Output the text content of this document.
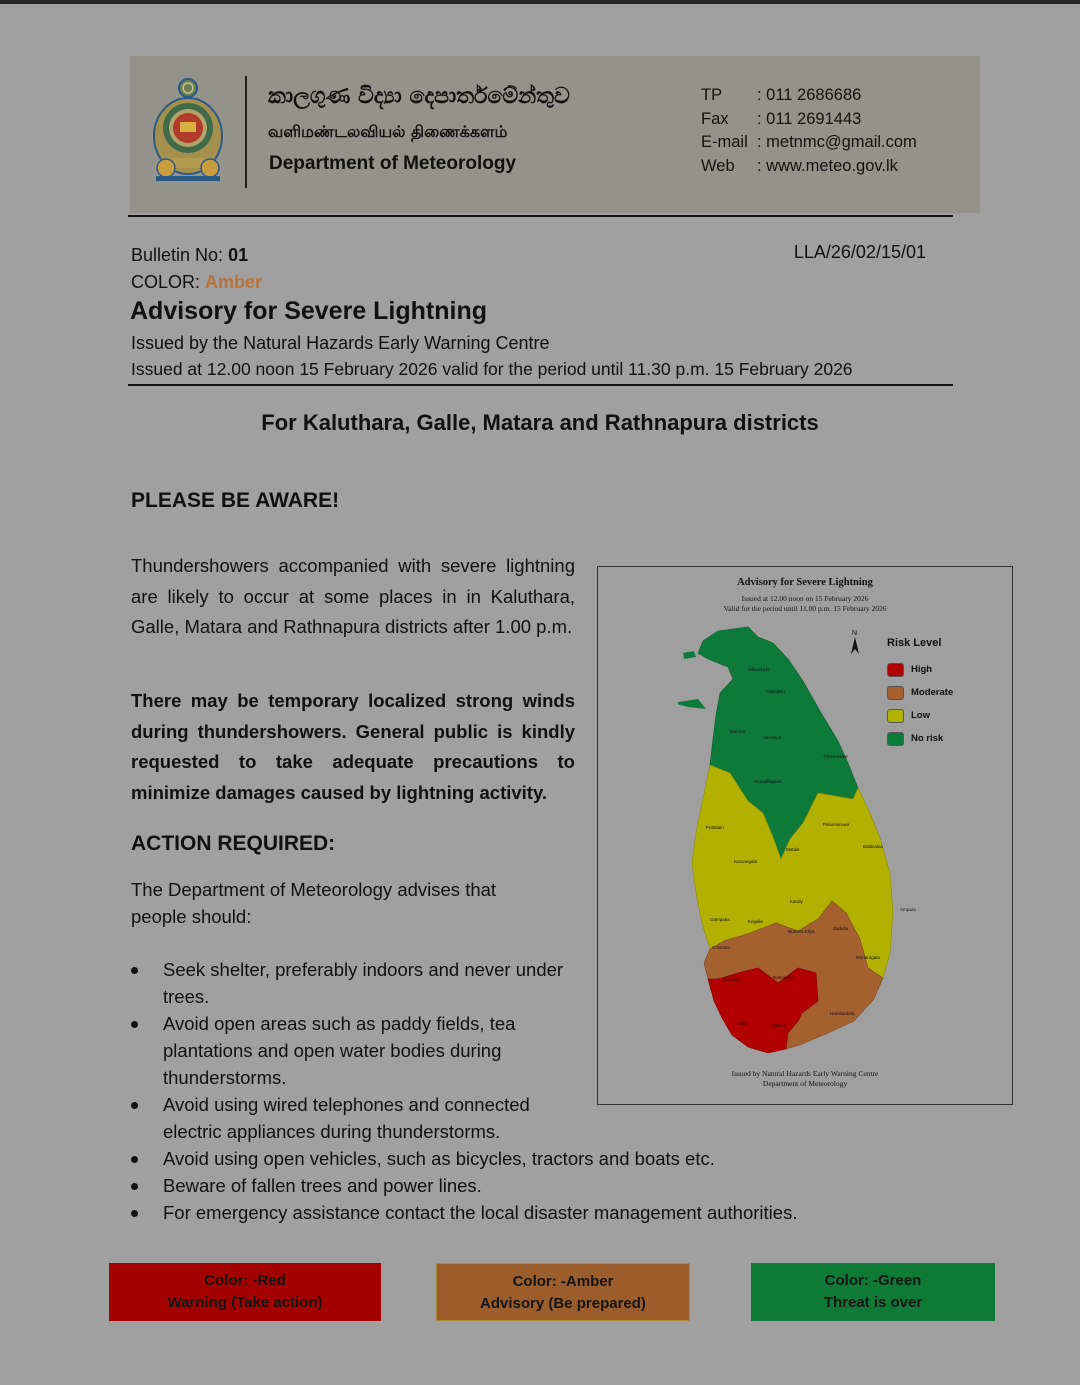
කාලගුණ විද්‍යා දෙපාර්තමේන්තුව
வளிமண்டலவியல் திணைக்களம்
Department of Meteorology
TP	: 011 2686686
Fax	: 011 2691443
E-mail : metnmc@gmail.com
Web	: www.meteo.gov.lk
Bulletin No: 01
COLOR: Amber
LLA/26/02/15/01
Advisory for Severe Lightning
Issued by the Natural Hazards Early Warning Centre
Issued at 12.00 noon 15 February 2026 valid for the period until 11.30 p.m. 15 February 2026
For Kaluthara, Galle, Matara and Rathnapura districts
PLEASE BE AWARE!
Thundershowers accompanied with severe lightning are likely to occur at some places in in Kaluthara, Galle, Matara and Rathnapura districts after 1.00 p.m.
There may be temporary localized strong winds during thundershowers. General public is kindly requested to take adequate precautions to minimize damages caused by lightning activity.
ACTION REQUIRED:
The Department of Meteorology advises that people should:
Seek shelter, preferably indoors and never under trees.
Avoid open areas such as paddy fields, tea plantations and open water bodies during thunderstorms.
Avoid using wired telephones and connected electric appliances during thunderstorms.
Avoid using open vehicles, such as bicycles, tractors and boats etc.
Beware of fallen trees and power lines.
For emergency assistance contact the local disaster management authorities.
Advisory for Severe Lightning
Issued at 12.00 noon on 15 February 2026
Valid for the period until 11.00 p.m. 15 February 2026
Kilinochchi
Mullaitivu
Mannar
Vavuniya
Trincomalee
Anuradhapura
Puttalam
Polonnaruwa
Batticaloa
Matale
Kurunegala
Kandy
Ampara
Gampaha	Kegalle
Nuwara Eliya
Badulla
Colombo
Monaragala
Kalutara	Ratnapura
Hambantota
Galle	Matara
N
Risk Level
High
Moderate
Low
No risk
Issued by Natural Hazards Early Warning Centre
Department of Meteorology
Color: -Red
Warning (Take action)
Color: -Amber
Advisory (Be prepared)
Color: -Green
Threat is over
